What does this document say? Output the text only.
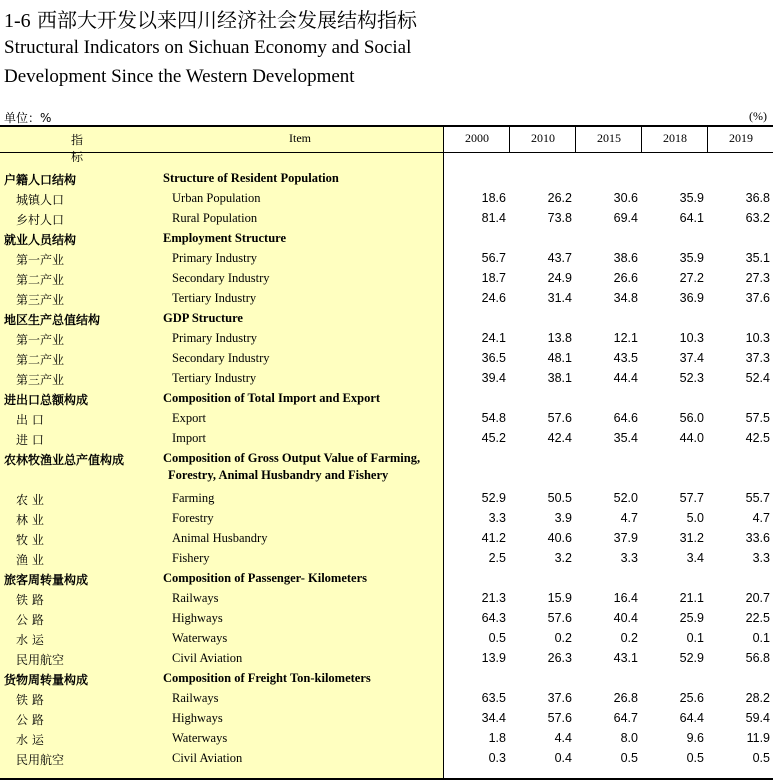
1-6 西部大开发以来四川经济社会发展结构指标
Structural Indicators on Sichuan Economy and Social
Development Since the Western Development
单位：%	(%)
指 标
Item	2000	2010	2015	2018	2019
户籍人口结构	Structure of Resident Population
城镇人口	Urban Population	18.6	26.2	30.6	35.9	36.8
乡村人口	Rural Population	81.4	73.8	69.4	64.1	63.2
就业人员结构	Employment Structure
第一产业	Primary Industry	56.7	43.7	38.6	35.9	35.1
第二产业	Secondary Industry	18.7	24.9	26.6	27.2	27.3
第三产业	Tertiary Industry	24.6	31.4	34.8	36.9	37.6
地区生产总值结构	GDP Structure
第一产业	Primary Industry	24.1	13.8	12.1	10.3	10.3
第二产业	Secondary Industry	36.5	48.1	43.5	37.4	37.3
第三产业	Tertiary Industry	39.4	38.1	44.4	52.3	52.4
进出口总额构成	Composition of Total Import and Export
出 口	Export	54.8	57.6	64.6	56.0	57.5
进 口	Import	45.2	42.4	35.4	44.0	42.5
农林牧渔业总产值构成	Composition of Gross Output Value of Farming,
Forestry, Animal Husbandry and Fishery
农 业	Farming	52.9	50.5	52.0	57.7	55.7
林 业	Forestry	3.3	3.9	4.7	5.0	4.7
牧 业	Animal Husbandry	41.2	40.6	37.9	31.2	33.6
渔 业	Fishery	2.5	3.2	3.3	3.4	3.3
旅客周转量构成	Composition of Passenger- Kilometers
铁 路	Railways	21.3	15.9	16.4	21.1	20.7
公 路	Highways	64.3	57.6	40.4	25.9	22.5
水 运	Waterways	0.5	0.2	0.2	0.1	0.1
民用航空	Civil Aviation	13.9	26.3	43.1	52.9	56.8
货物周转量构成	Composition of Freight Ton-kilometers
铁 路	Railways	63.5	37.6	26.8	25.6	28.2
公 路	Highways	34.4	57.6	64.7	64.4	59.4
水 运	Waterways	1.8	4.4	8.0	9.6	11.9
民用航空	Civil Aviation	0.3	0.4	0.5	0.5	0.5
